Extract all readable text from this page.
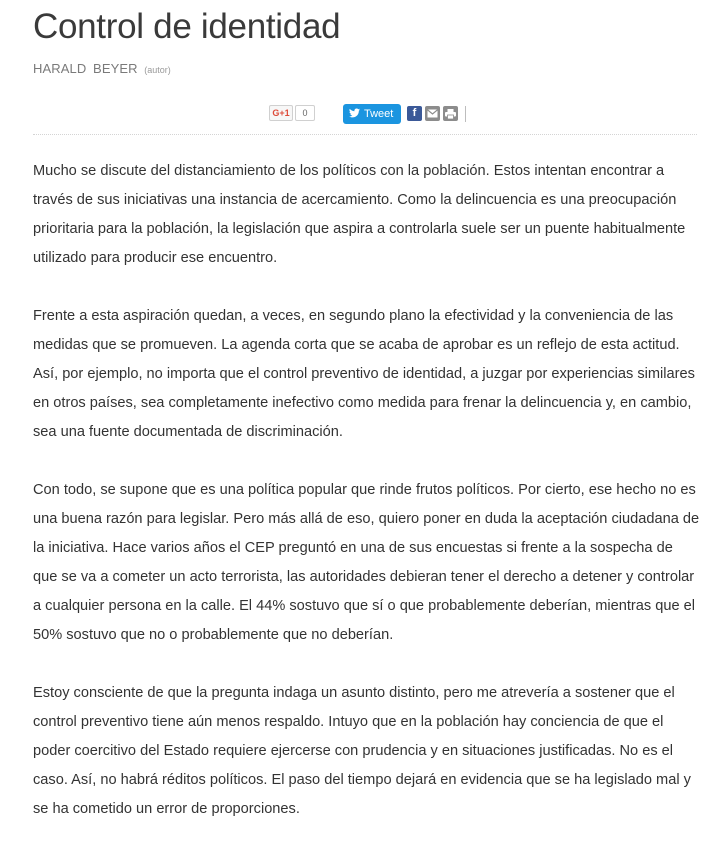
Control de identidad
HARALD BEYER (autor)
G+1	0	Tweet	f

Mucho se discute del distanciamiento de los políticos con la población. Estos intentan encontrar a
través de sus iniciativas una instancia de acercamiento. Como la delincuencia es una preocupación
prioritaria para la población, la legislación que aspira a controlarla suele ser un puente habitualmente
utilizado para producir ese encuentro.

Frente a esta aspiración quedan, a veces, en segundo plano la efectividad y la conveniencia de las
medidas que se promueven. La agenda corta que se acaba de aprobar es un reflejo de esta actitud.
Así, por ejemplo, no importa que el control preventivo de identidad, a juzgar por experiencias similares
en otros países, sea completamente inefectivo como medida para frenar la delincuencia y, en cambio,
sea una fuente documentada de discriminación.

Con todo, se supone que es una política popular que rinde frutos políticos. Por cierto, ese hecho no es
una buena razón para legislar. Pero más allá de eso, quiero poner en duda la aceptación ciudadana de
la iniciativa. Hace varios años el CEP preguntó en una de sus encuestas si frente a la sospecha de
que se va a cometer un acto terrorista, las autoridades debieran tener el derecho a detener y controlar
a cualquier persona en la calle. El 44% sostuvo que sí o que probablemente deberían, mientras que el
50% sostuvo que no o probablemente que no deberían.

Estoy consciente de que la pregunta indaga un asunto distinto, pero me atrevería a sostener que el
control preventivo tiene aún menos respaldo. Intuyo que en la población hay conciencia de que el
poder coercitivo del Estado requiere ejercerse con prudencia y en situaciones justificadas. No es el
caso. Así, no habrá réditos políticos. El paso del tiempo dejará en evidencia que se ha legislado mal y
se ha cometido un error de proporciones.
